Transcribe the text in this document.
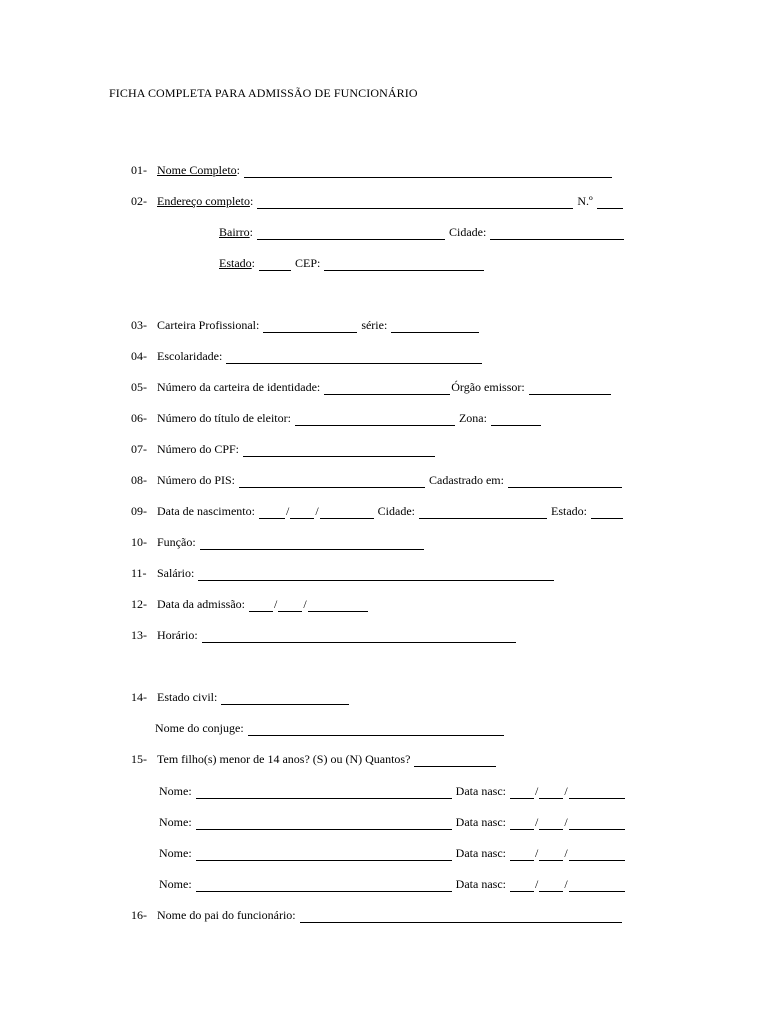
FICHA COMPLETA PARA ADMISSÃO DE FUNCIONÁRIO
01- Nome Completo:
02- Endereço completo:	N.º
Bairro:	Cidade:
Estado:	CEP:
03- Carteira Profissional:	série:
04- Escolaridade:
05- Número da carteira de identidade:	Órgão emissor:
06- Número do título de eleitor:	Zona:
07- Número do CPF:
08- Número do PIS:	Cadastrado em:
09- Data de nascimento:	/ /	Cidade:	Estado:
10- Função:
11- Salário:
12- Data da admissão: / /
13- Horário:
14- Estado civil:
Nome do conjuge:
15- Tem filho(s) menor de 14 anos? (S) ou (N) Quantos?
Nome:	Data nasc: / /
Nome:	Data nasc: / /
Nome:	Data nasc: / /
Nome:	Data nasc: / /
16- Nome do pai do funcionário:
